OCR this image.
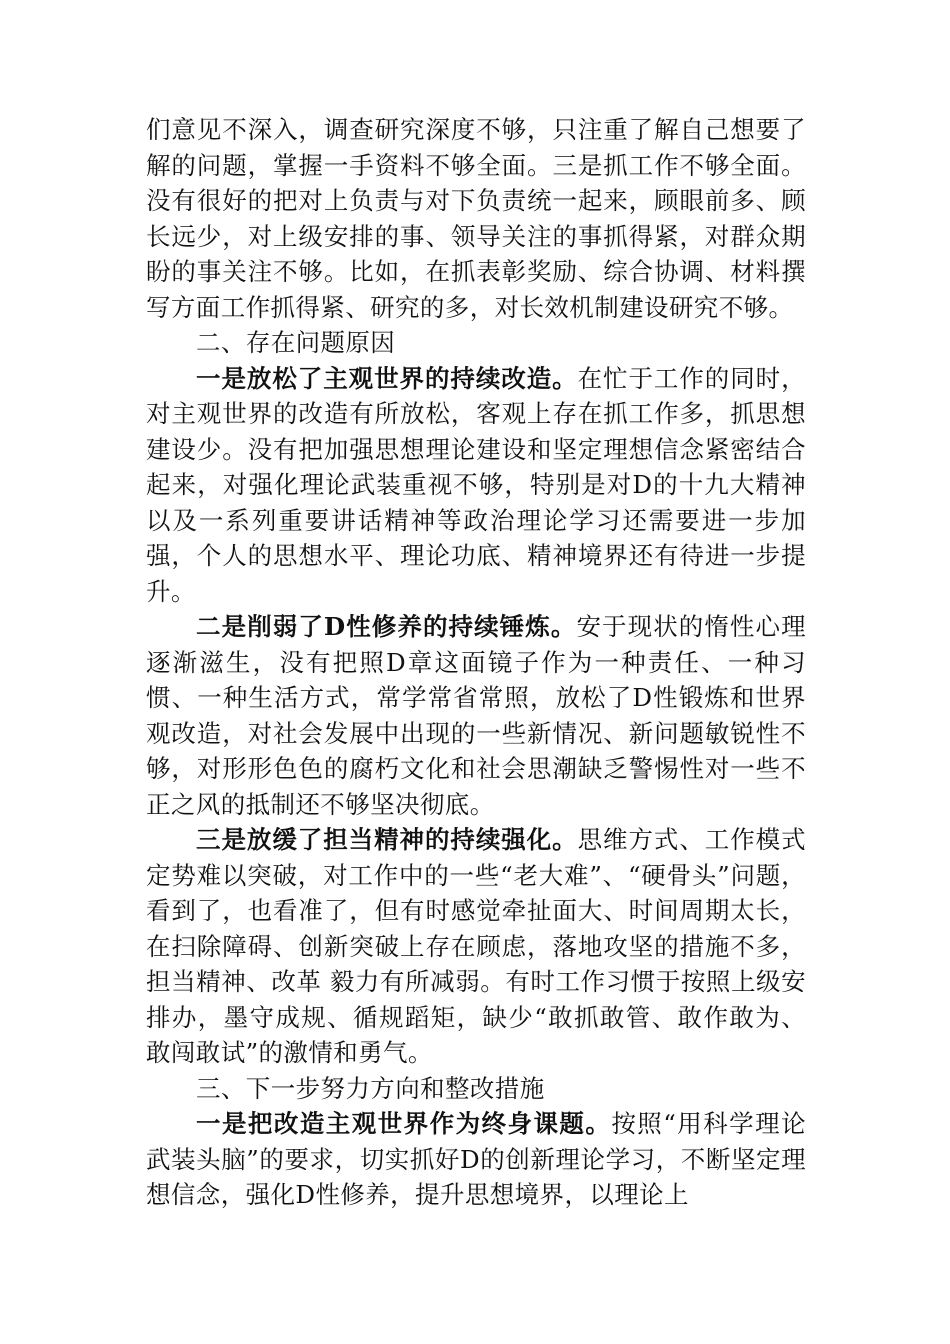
们意见不深入，调查研究深度不够，只注重了解自己想要了解的问题，掌握一手资料不够全面。三是抓工作不够全面。没有很好的把对上负责与对下负责统一起来，顾眼前多、顾长远少，对上级安排的事、领导关注的事抓得紧，对群众期盼的事关注不够。比如，在抓表彰奖励、综合协调、材料撰写方面工作抓得紧、研究的多，对长效机制建设研究不够。

二、存在问题原因

一是放松了主观世界的持续改造。在忙于工作的同时，对主观世界的改造有所放松，客观上存在抓工作多，抓思想建设少。没有把加强思想理论建设和坚定理想信念紧密结合起来，对强化理论武装重视不够，特别是对D的十九大精神以及一系列重要讲话精神等政治理论学习还需要进一步加强，个人的思想水平、理论功底、精神境界还有待进一步提升。

二是削弱了D性修养的持续锤炼。安于现状的惰性心理逐渐滋生，没有把照D章这面镜子作为一种责任、一种习惯、一种生活方式，常学常省常照，放松了D性锻炼和世界观改造，对社会发展中出现的一些新情况、新问题敏锐性不够，对形形色色的腐朽文化和社会思潮缺乏警惕性对一些不正之风的抵制还不够坚决彻底。

三是放缓了担当精神的持续强化。思维方式、工作模式定势难以突破，对工作中的一些“老大难”、“硬骨头”问题，看到了，也看准了，但有时感觉牵扯面大、时间周期太长，在扫除障碍、创新突破上存在顾虑，落地攻坚的措施不多，担当精神、改革 毅力有所减弱。有时工作习惯于按照上级安排办，墨守成规、循规蹈矩，缺少“敢抓敢管、敢作敢为、敢闯敢试”的激情和勇气。

三、下一步努力方向和整改措施

一是把改造主观世界作为终身课题。按照“用科学理论武装头脑”的要求，切实抓好D的创新理论学习，不断坚定理想信念，强化D性修养，提升思想境界，以理论上
